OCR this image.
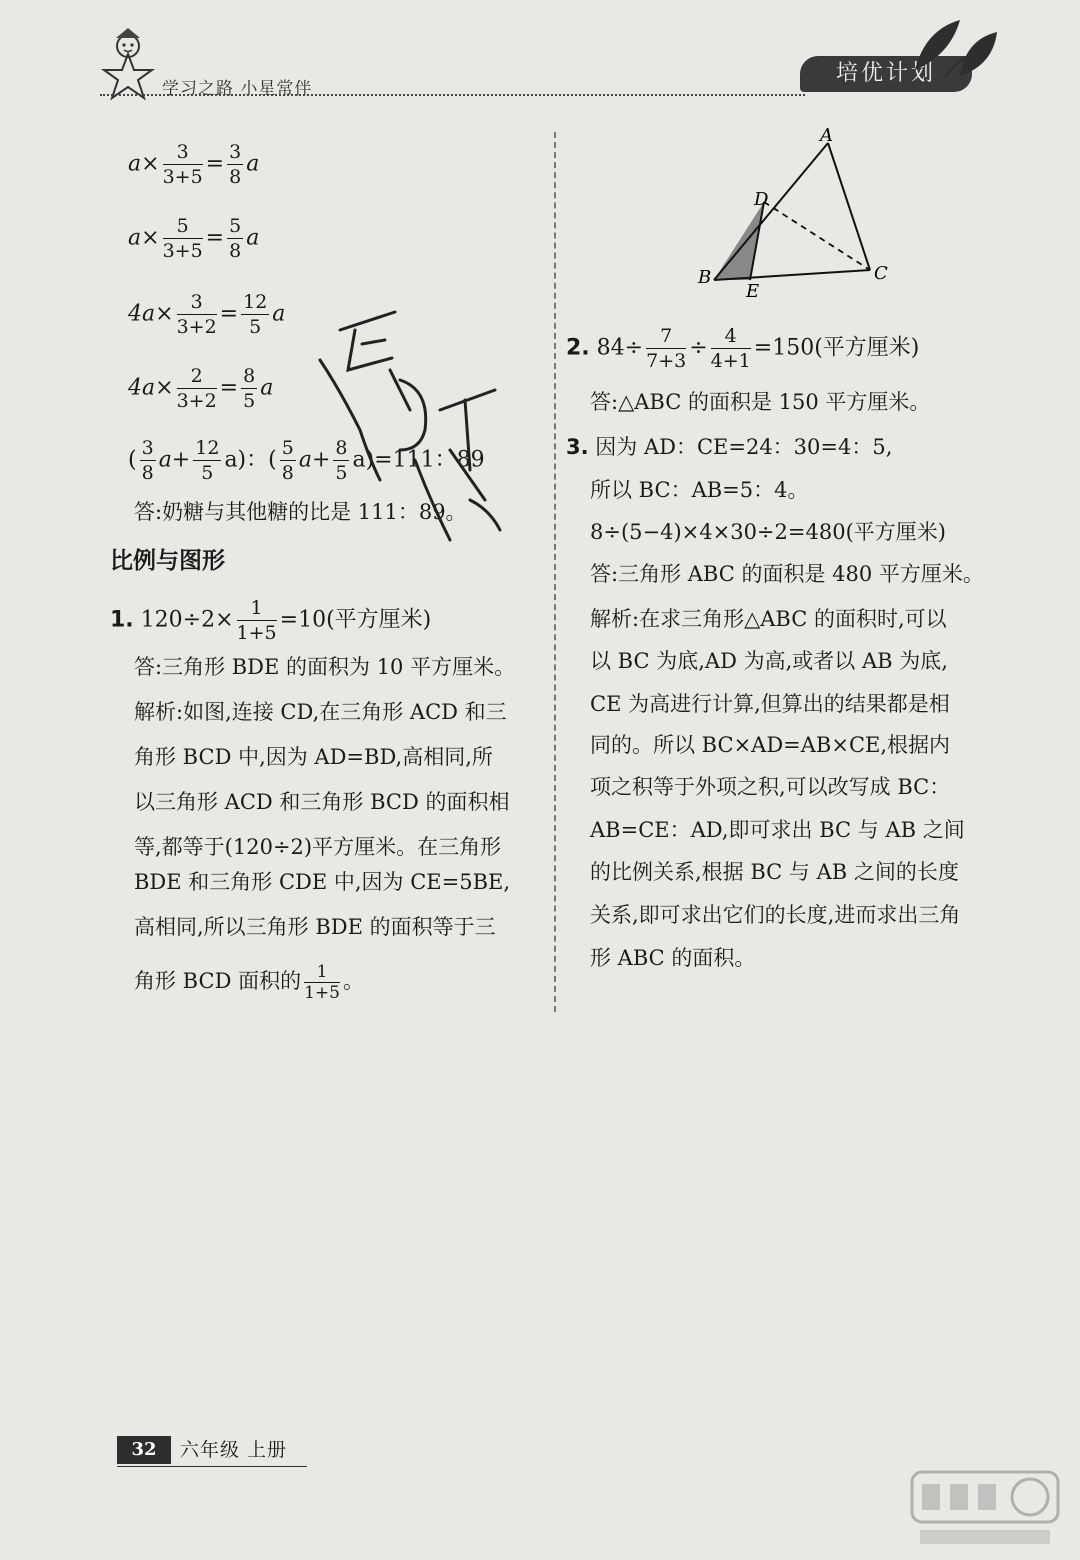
学习之路 小星常伴
培优计划
$a\times \frac{3}{3+5} = \frac{3}{8}$ a
$a\times \frac{5}{3+5} = \frac{5}{8}$ a
$4a\times \frac{3}{3+2} = \frac{12}{5}$ a
$4a\times \frac{2}{3+2} = \frac{8}{5}$ a
( $\frac{3}{8} a+ \frac{12}{5} a$)：( $\frac{5}{8} a+ \frac{8}{5} a)=111$：89
答:奶糖与其他糖的比是 111：89。
比例与图形
1. $120\div 2\times \frac{1}{1+5} =10$(平方厘米)
答:三角形 BDE 的面积为 10 平方厘米。
解析:如图,连接 CD,在三角形 ACD 和三
角形 BCD 中,因为 AD=BD,高相同,所
以三角形 ACD 和三角形 BCD 的面积相
等,都等于(120÷2)平方厘米。在三角形
BDE 和三角形 CDE 中,因为 CE=5BE,
高相同,所以三角形 BDE 的面积等于三
角形 BCD 面积的 $\frac{1}{1+5}$ 。
A
D
B
E
C
2. $84\div \frac{7}{7+3} \div \frac{4}{4+1} =150$(平方厘米)
答:△ABC 的面积是 150 平方厘米。
3. 因为 AD：CE=24：30=4：5,
所以 BC：AB=5：4。
8÷(5−4)×4×30÷2=480(平方厘米)
答:三角形 ABC 的面积是 480 平方厘米。
解析:在求三角形△ABC 的面积时,可以
以 BC 为底,AD 为高,或者以 AB 为底,
CE 为高进行计算,但算出的结果都是相
同的。所以 BC×AD=AB×CE,根据内
项之积等于外项之积,可以改写成 BC：
AB=CE：AD,即可求出 BC 与 AB 之间
的比例关系,根据 BC 与 AB 之间的长度
关系,即可求出它们的长度,进而求出三角
形 ABC 的面积。
32	六年级 上册
